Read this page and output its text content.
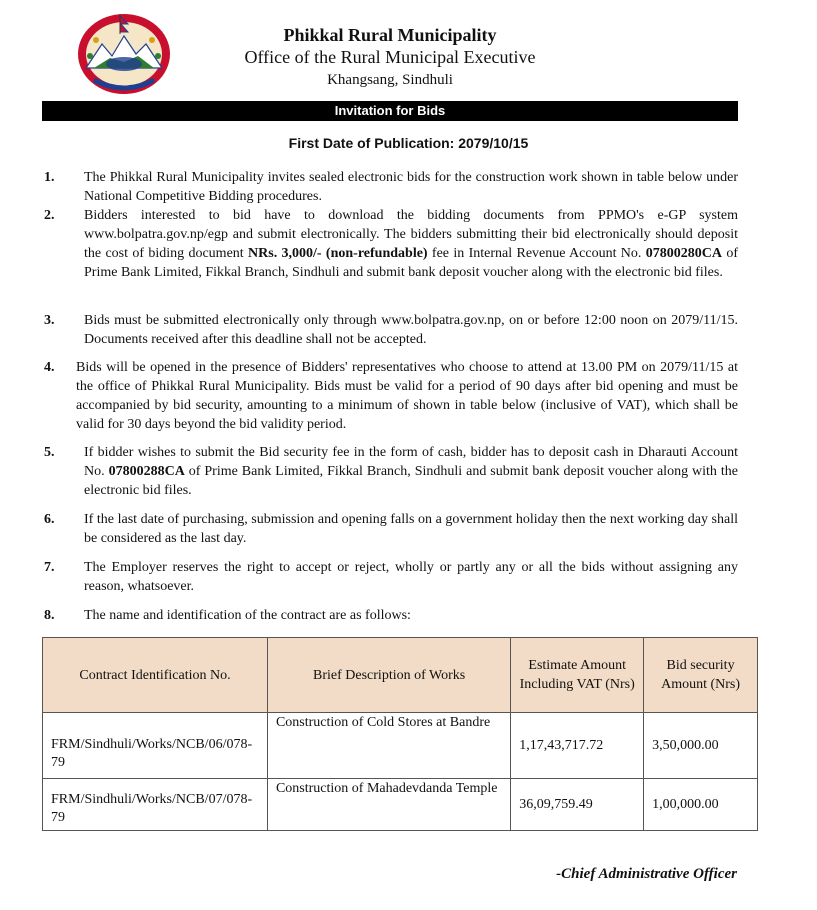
Phikkal Rural Municipality
Office of the Rural Municipal Executive
Khangsang, Sindhuli
Invitation for Bids
First Date of Publication: 2079/10/15
1. The Phikkal Rural Municipality invites sealed electronic bids for the construction work shown in table below under National Competitive Bidding procedures.
2. Bidders interested to bid have to download the bidding documents from PPMO's e-GP system www.bolpatra.gov.np/egp and submit electronically. The bidders submitting their bid electronically should deposit the cost of biding document NRs. 3,000/- (non-refundable) fee in Internal Revenue Account No. 07800280CA of Prime Bank Limited, Fikkal Branch, Sindhuli and submit bank deposit voucher along with the electronic bid files.
3. Bids must be submitted electronically only through www.bolpatra.gov.np, on or before 12:00 noon on 2079/11/15. Documents received after this deadline shall not be accepted.
4. Bids will be opened in the presence of Bidders' representatives who choose to attend at 13.00 PM on 2079/11/15 at the office of Phikkal Rural Municipality. Bids must be valid for a period of 90 days after bid opening and must be accompanied by bid security, amounting to a minimum of shown in table below (inclusive of VAT), which shall be valid for 30 days beyond the bid validity period.
5. If bidder wishes to submit the Bid security fee in the form of cash, bidder has to deposit cash in Dharauti Account No. 07800288CA of Prime Bank Limited, Fikkal Branch, Sindhuli and submit bank deposit voucher along with the electronic bid files.
6. If the last date of purchasing, submission and opening falls on a government holiday then the next working day shall be considered as the last day.
7. The Employer reserves the right to accept or reject, wholly or partly any or all the bids without assigning any reason, whatsoever.
8. The name and identification of the contract are as follows:
Contract Identification No.	Brief Description of Works	Estimate Amount Including VAT (Nrs)	Bid security Amount (Nrs)
FRM/Sindhuli/Works/NCB/06/078-79	Construction of Cold Stores at Bandre	1,17,43,717.72	3,50,000.00
FRM/Sindhuli/Works/NCB/07/078-79	Construction of Mahadevdanda Temple	36,09,759.49	1,00,000.00
-Chief Administrative Officer
